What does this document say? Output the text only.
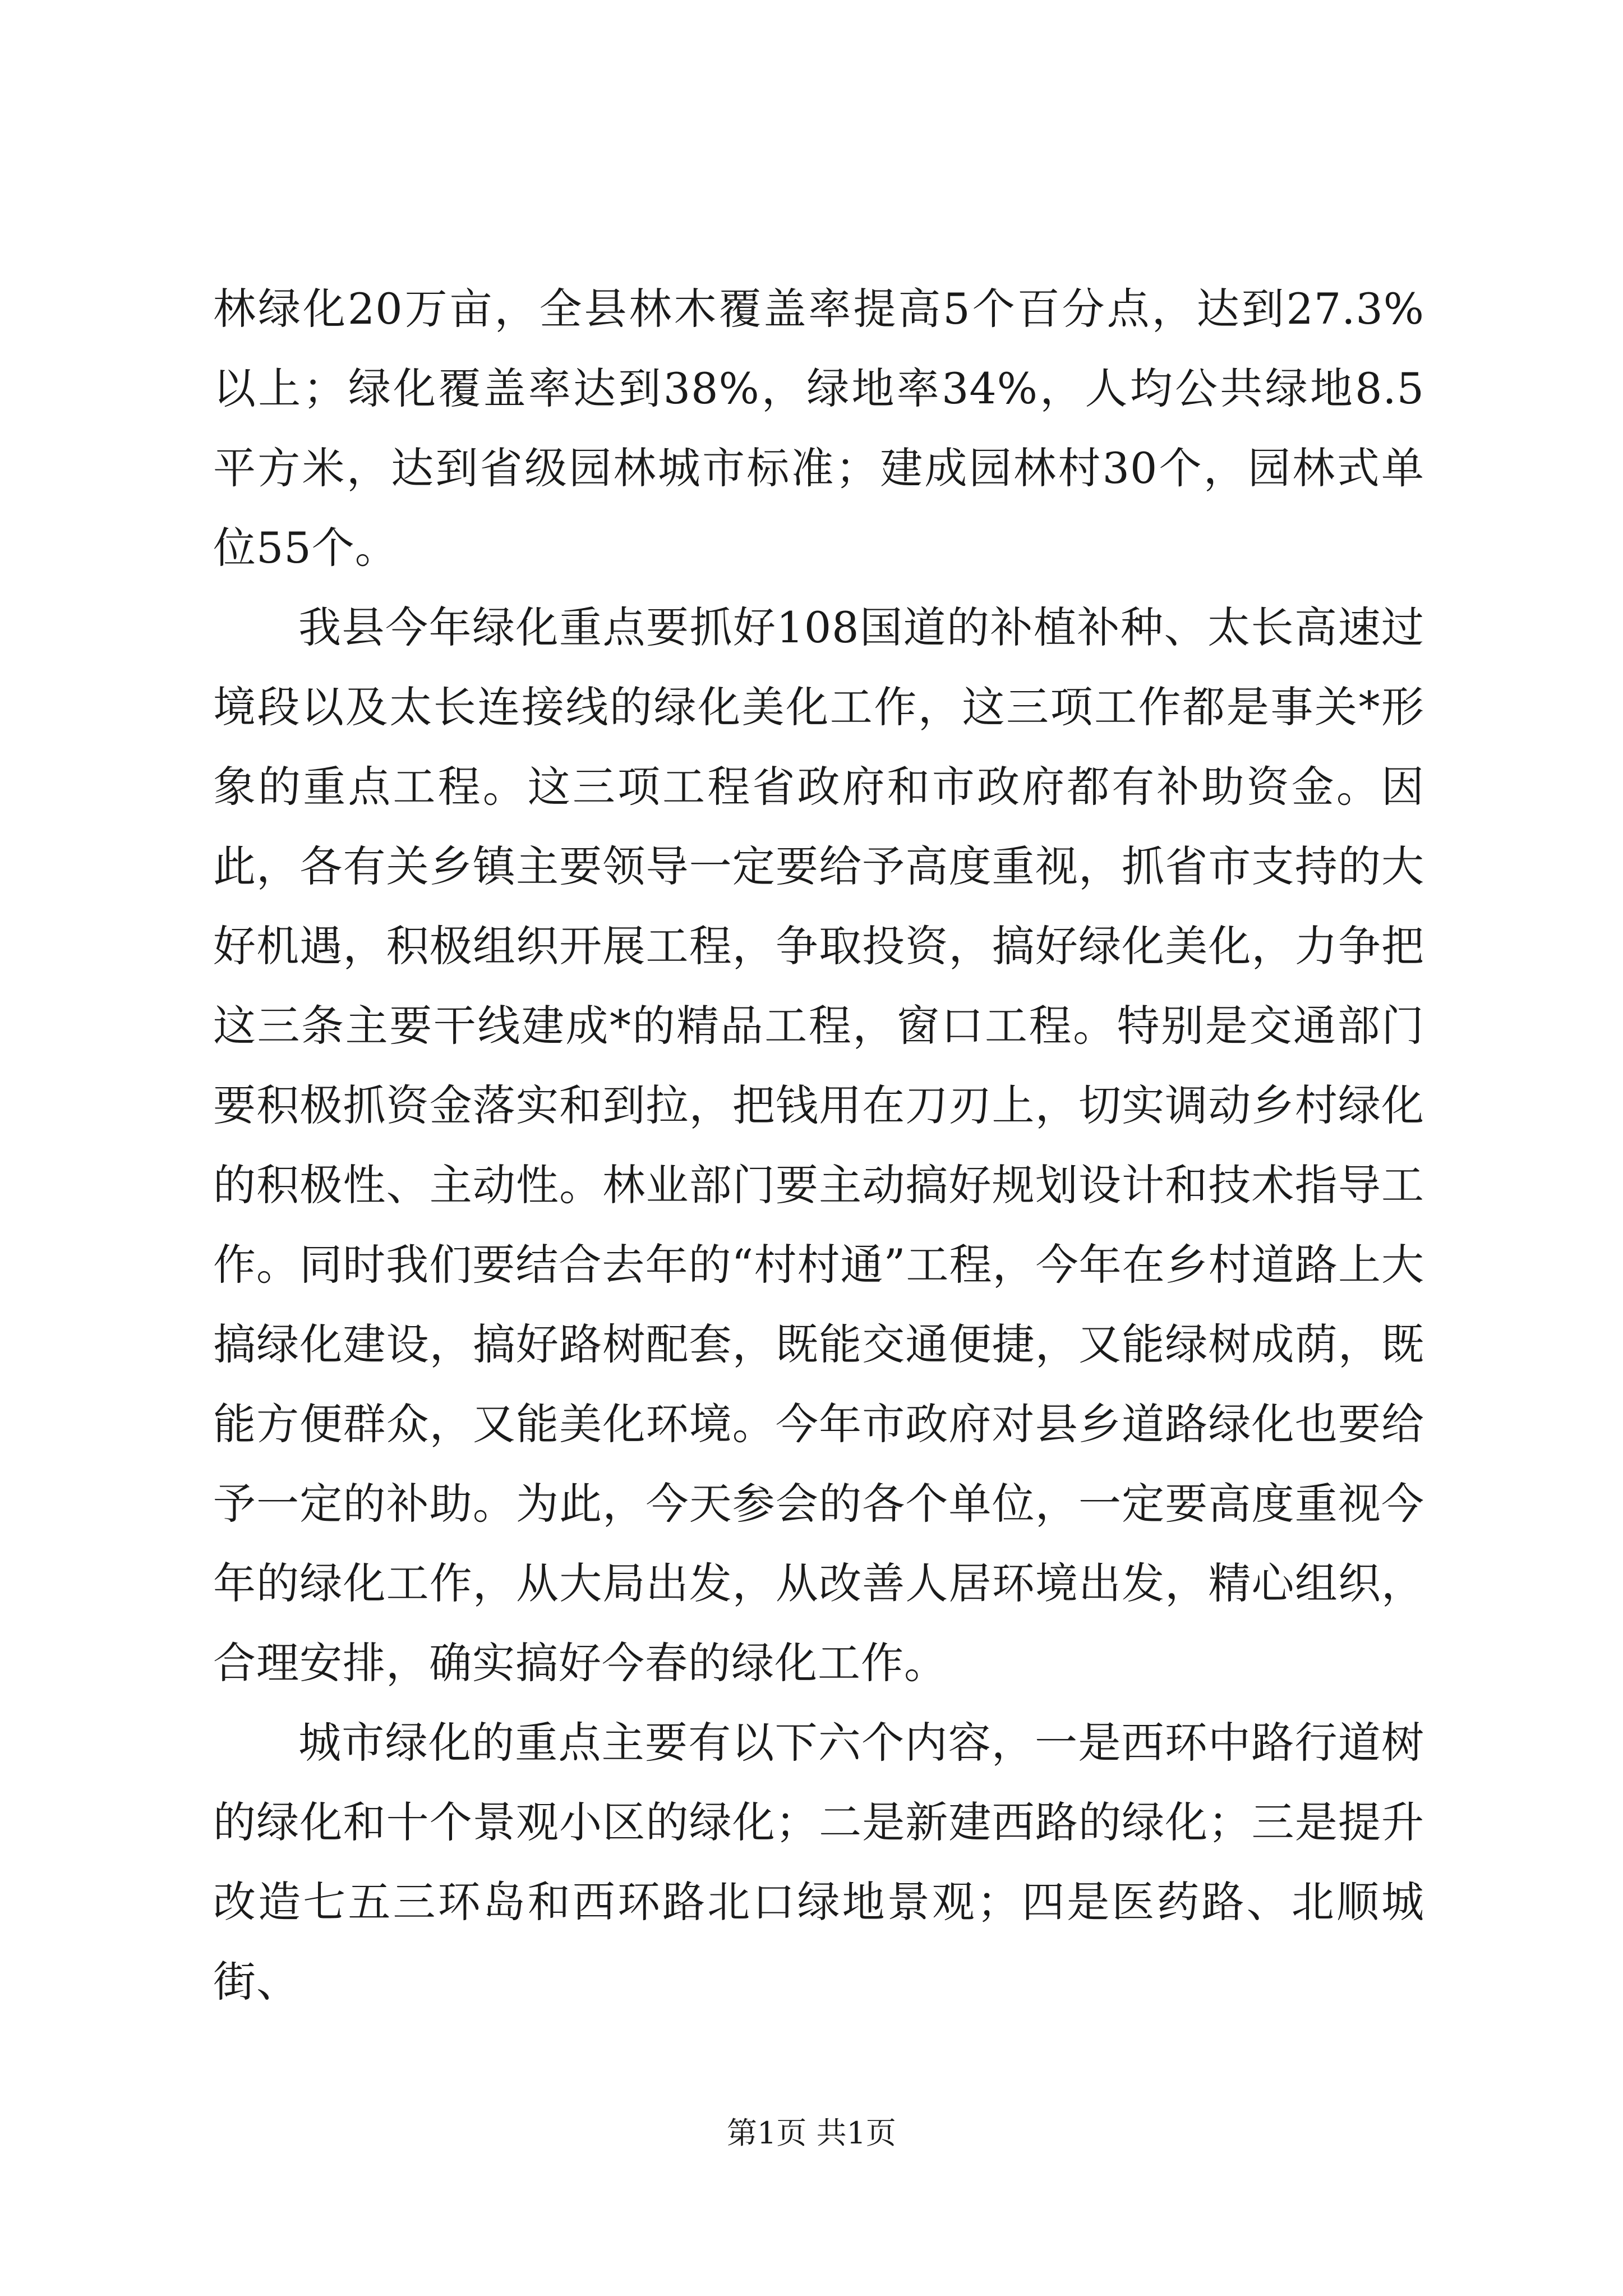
林绿化20万亩，全县林木覆盖率提高5个百分点，达到27.3%以上；绿化覆盖率达到38%，绿地率34%，人均公共绿地8.5平方米，达到省级园林城市标准；建成园林村30个，园林式单位55个。

我县今年绿化重点要抓好108国道的补植补种、太长高速过境段以及太长连接线的绿化美化工作，这三项工作都是事关*形象的重点工程。这三项工程省政府和市政府都有补助资金。因此，各有关乡镇主要领导一定要给予高度重视，抓省市支持的大好机遇，积极组织开展工程，争取投资，搞好绿化美化，力争把这三条主要干线建成*的精品工程，窗口工程。特别是交通部门要积极抓资金落实和到拉，把钱用在刀刃上，切实调动乡村绿化的积极性、主动性。林业部门要主动搞好规划设计和技术指导工作。同时我们要结合去年的“村村通”工程，今年在乡村道路上大搞绿化建设，搞好路树配套，既能交通便捷，又能绿树成荫，既能方便群众，又能美化环境。今年市政府对县乡道路绿化也要给予一定的补助。为此，今天参会的各个单位，一定要高度重视今年的绿化工作，从大局出发，从改善人居环境出发，精心组织，合理安排，确实搞好今春的绿化工作。

城市绿化的重点主要有以下六个内容，一是西环中路行道树的绿化和十个景观小区的绿化；二是新建西路的绿化；三是提升改造七五三环岛和西环路北口绿地景观；四是医药路、北顺城街、

第1页 共1页
